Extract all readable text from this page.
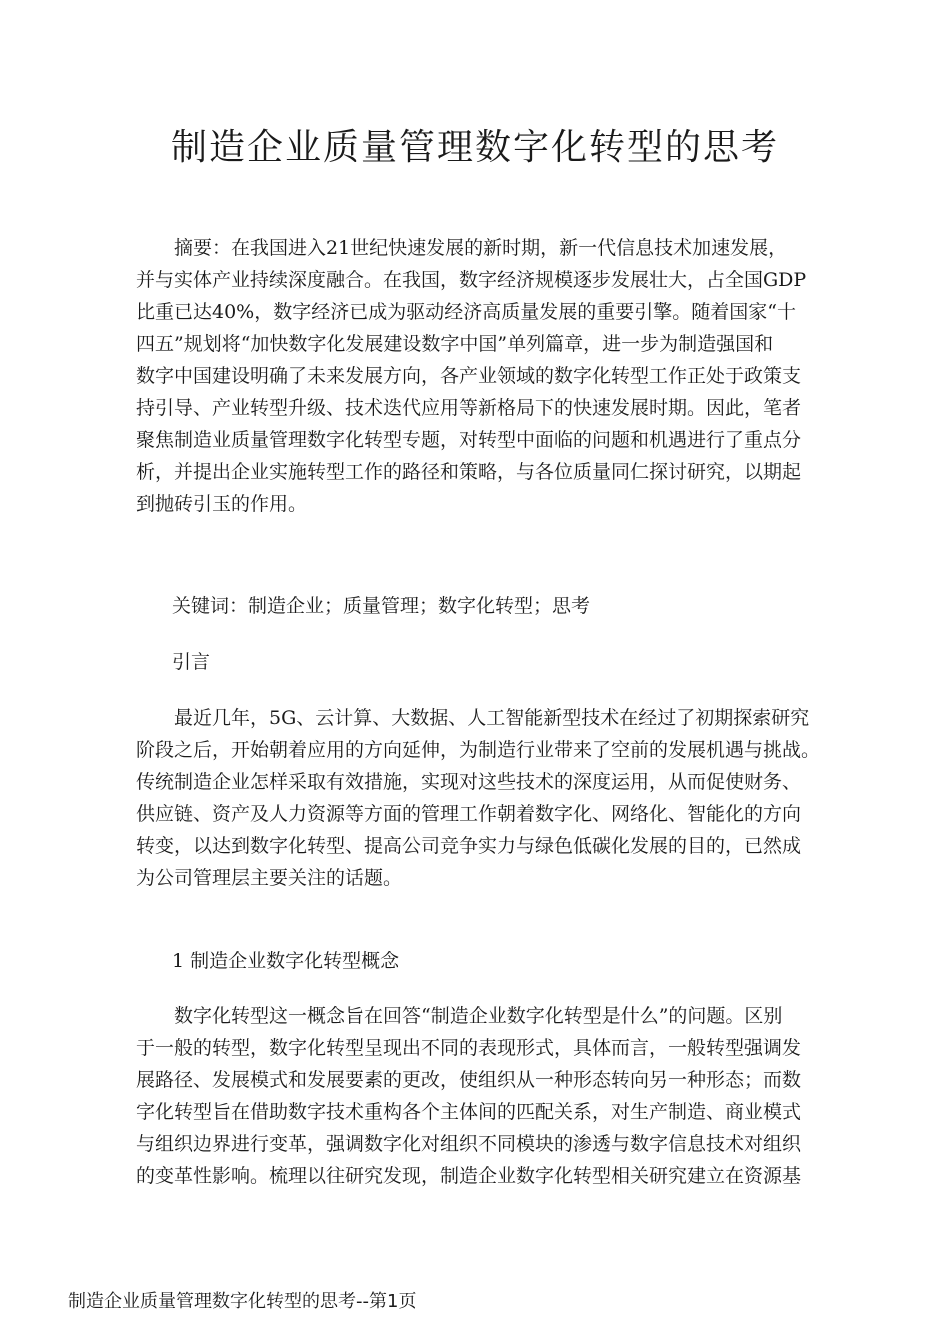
制造企业质量管理数字化转型的思考
　　摘要：在我国进入21世纪快速发展的新时期，新一代信息技术加速发展，
并与实体产业持续深度融合。在我国，数字经济规模逐步发展壮大，占全国GDP
比重已达40%，数字经济已成为驱动经济高质量发展的重要引擎。随着国家“十
四五”规划将“加快数字化发展建设数字中国”单列篇章，进一步为制造强国和
数字中国建设明确了未来发展方向，各产业领域的数字化转型工作正处于政策支
持引导、产业转型升级、技术迭代应用等新格局下的快速发展时期。因此，笔者
聚焦制造业质量管理数字化转型专题，对转型中面临的问题和机遇进行了重点分
析，并提出企业实施转型工作的路径和策略，与各位质量同仁探讨研究，以期起
到抛砖引玉的作用。
关键词：制造企业；质量管理；数字化转型；思考
引言
　　最近几年，5G、云计算、大数据、人工智能新型技术在经过了初期探索研究
阶段之后，开始朝着应用的方向延伸，为制造行业带来了空前的发展机遇与挑战。
传统制造企业怎样采取有效措施，实现对这些技术的深度运用，从而促使财务、
供应链、资产及人力资源等方面的管理工作朝着数字化、网络化、智能化的方向
转变，以达到数字化转型、提高公司竞争实力与绿色低碳化发展的目的，已然成
为公司管理层主要关注的话题。
1 制造企业数字化转型概念
　　数字化转型这一概念旨在回答“制造企业数字化转型是什么”的问题。区别
于一般的转型，数字化转型呈现出不同的表现形式，具体而言，一般转型强调发
展路径、发展模式和发展要素的更改，使组织从一种形态转向另一种形态；而数
字化转型旨在借助数字技术重构各个主体间的匹配关系，对生产制造、商业模式
与组织边界进行变革，强调数字化对组织不同模块的渗透与数字信息技术对组织
的变革性影响。梳理以往研究发现，制造企业数字化转型相关研究建立在资源基
制造企业质量管理数字化转型的思考--第1页
